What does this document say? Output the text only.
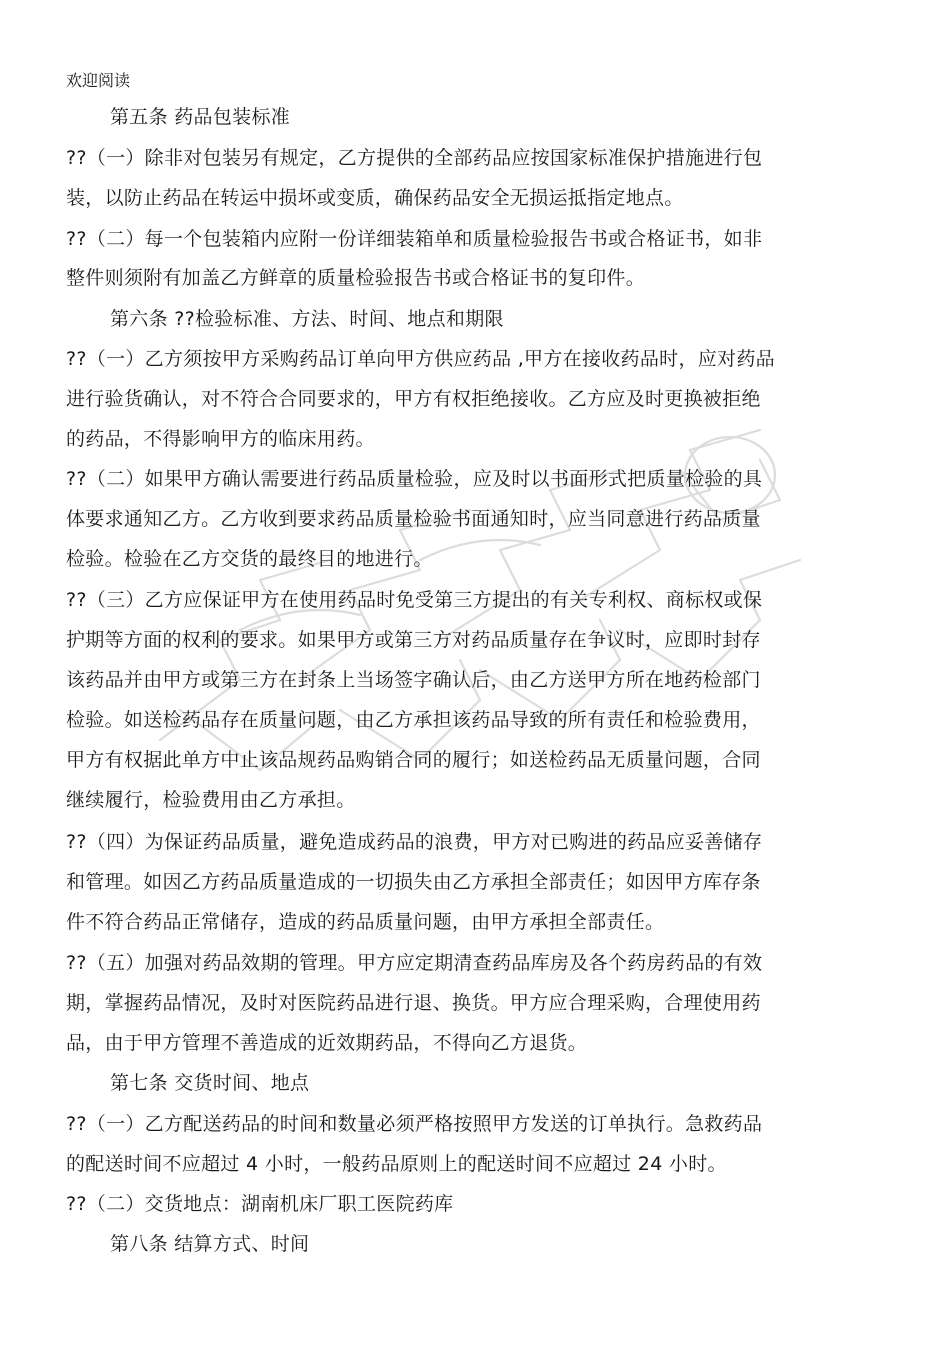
欢迎阅读
第五条 药品包装标准
??（一）除非对包装另有规定，乙方提供的全部药品应按国家标准保护措施进行包
装，以防止药品在转运中损坏或变质，确保药品安全无损运抵指定地点。
??（二）每一个包装箱内应附一份详细装箱单和质量检验报告书或合格证书，如非
整件则须附有加盖乙方鲜章的质量检验报告书或合格证书的复印件。
第六条 ??检验标准、方法、时间、地点和期限
??（一）乙方须按甲方采购药品订单向甲方供应药品 ,甲方在接收药品时，应对药品
进行验货确认，对不符合合同要求的，甲方有权拒绝接收。乙方应及时更换被拒绝
的药品，不得影响甲方的临床用药。
??（二）如果甲方确认需要进行药品质量检验，应及时以书面形式把质量检验的具
体要求通知乙方。乙方收到要求药品质量检验书面通知时，应当同意进行药品质量
检验。检验在乙方交货的最终目的地进行。
??（三）乙方应保证甲方在使用药品时免受第三方提出的有关专利权、商标权或保
护期等方面的权利的要求。如果甲方或第三方对药品质量存在争议时，应即时封存
该药品并由甲方或第三方在封条上当场签字确认后，由乙方送甲方所在地药检部门
检验。如送检药品存在质量问题，由乙方承担该药品导致的所有责任和检验费用，
甲方有权据此单方中止该品规药品购销合同的履行；如送检药品无质量问题，合同
继续履行，检验费用由乙方承担。
??（四）为保证药品质量，避免造成药品的浪费，甲方对已购进的药品应妥善储存
和管理。如因乙方药品质量造成的一切损失由乙方承担全部责任；如因甲方库存条
件不符合药品正常储存，造成的药品质量问题，由甲方承担全部责任。
??（五）加强对药品效期的管理。甲方应定期清查药品库房及各个药房药品的有效
期，掌握药品情况，及时对医院药品进行退、换货。甲方应合理采购，合理使用药
品，由于甲方管理不善造成的近效期药品，不得向乙方退货。
第七条 交货时间、地点
??（一）乙方配送药品的时间和数量必须严格按照甲方发送的订单执行。急救药品
的配送时间不应超过 4 小时，一般药品原则上的配送时间不应超过 24 小时。
??（二）交货地点：湖南机床厂职工医院药库
第八条 结算方式、时间
